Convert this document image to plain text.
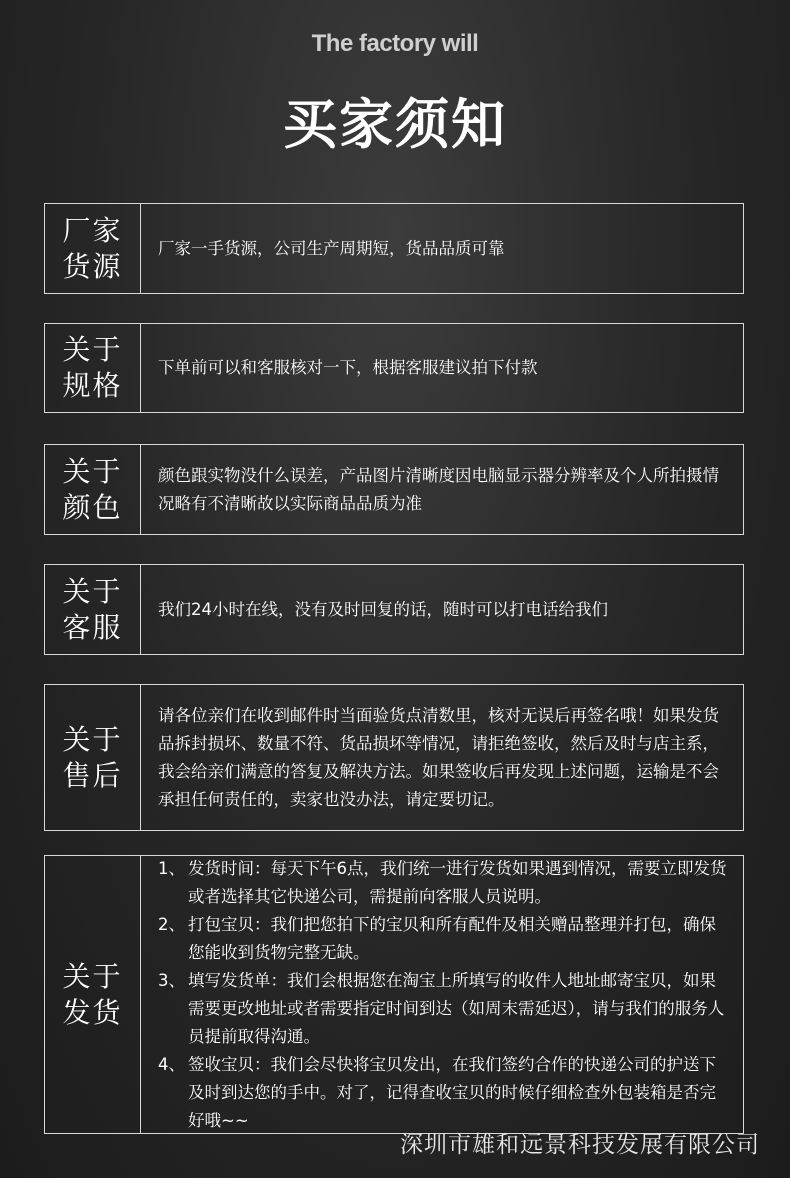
The factory will
买家须知
厂家货源
厂家一手货源，公司生产周期短，货品品质可靠
关于规格
下单前可以和客服核对一下，根据客服建议拍下付款
关于颜色
颜色跟实物没什么误差，产品图片清晰度因电脑显示器分辨率及个人所拍摄情况略有不清晰故以实际商品品质为准
关于客服
我们24小时在线，没有及时回复的话，随时可以打电话给我们
关于售后
请各位亲们在收到邮件时当面验货点清数里，核对无误后再签名哦！如果发货品拆封损坏、数量不符、货品损坏等情况，请拒绝签收，然后及时与店主系，我会给亲们满意的答复及解决方法。如果签收后再发现上述问题，运输是不会承担任何责任的，卖家也没办法，请定要切记。
关于发货
1、 发货时间：每天下午6点，我们统一进行发货如果遇到情况，需要立即发货或者选择其它快递公司，需提前向客服人员说明。
2、 打包宝贝：我们把您拍下的宝贝和所有配件及相关赠品整理并打包，确保您能收到货物完整无缺。
3、 填写发货单：我们会根据您在淘宝上所填写的收件人地址邮寄宝贝，如果需要更改地址或者需要指定时间到达（如周末需延迟），请与我们的服务人员提前取得沟通。
4、 签收宝贝：我们会尽快将宝贝发出，在我们签约合作的快递公司的护送下及时到达您的手中。对了，记得查收宝贝的时候仔细检查外包装箱是否完好哦~~
深圳市雄和远景科技发展有限公司
